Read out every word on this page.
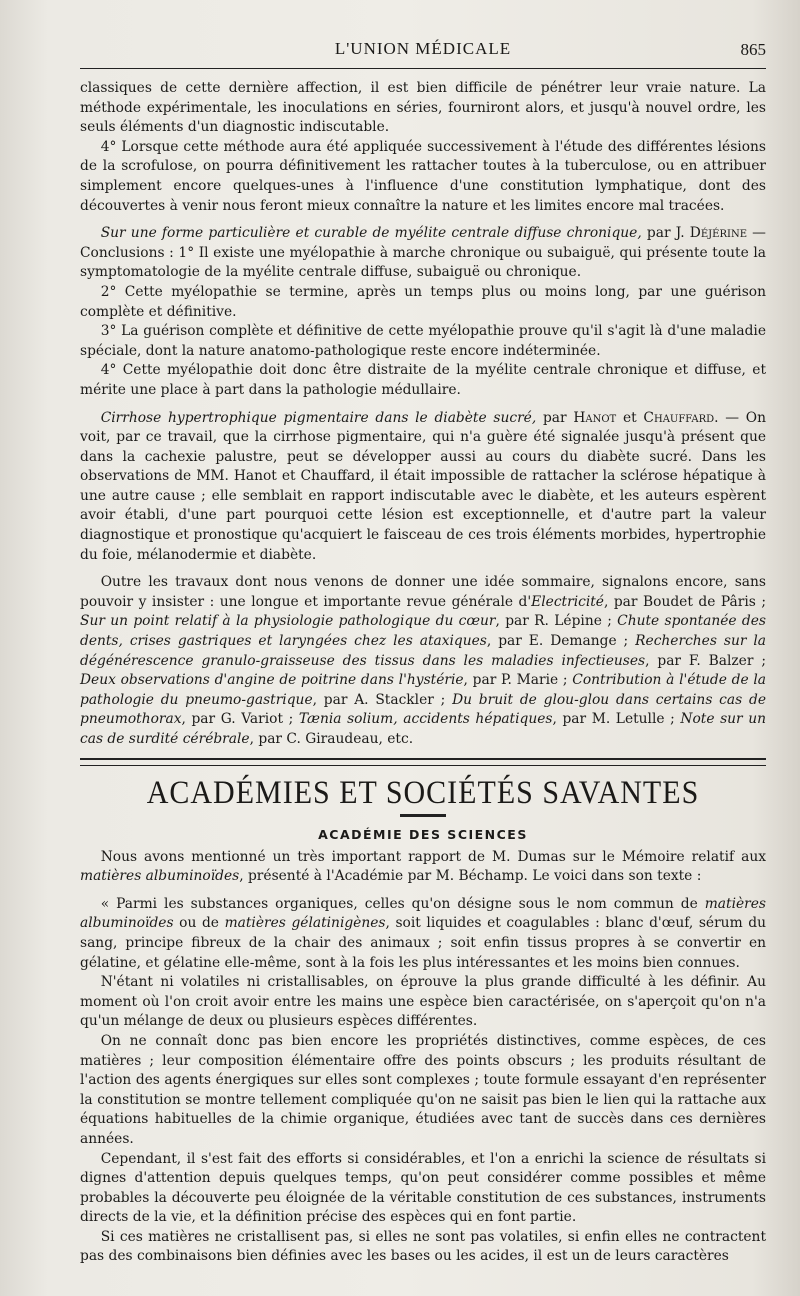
L'UNION MÉDICALE	865

classiques de cette dernière affection, il est bien difficile de pénétrer leur vraie nature. La méthode expérimentale, les inoculations en séries, fourniront alors, et jusqu'à nouvel ordre, les seuls éléments d'un diagnostic indiscutable.

4° Lorsque cette méthode aura été appliquée successivement à l'étude des différentes lésions de la scrofulose, on pourra définitivement les rattacher toutes à la tuberculose, ou en attribuer simplement encore quelques-unes à l'influence d'une constitution lymphatique, dont des découvertes à venir nous feront mieux connaître la nature et les limites encore mal tracées.

Sur une forme particulière et curable de myélite centrale diffuse chronique, par J. Déjérine — Conclusions : 1° Il existe une myélopathie à marche chronique ou subaiguë, qui présente toute la symptomatologie de la myélite centrale diffuse, subaiguë ou chronique.

2° Cette myélopathie se termine, après un temps plus ou moins long, par une guérison complète et définitive.

3° La guérison complète et définitive de cette myélopathie prouve qu'il s'agit là d'une maladie spéciale, dont la nature anatomo-pathologique reste encore indéterminée.

4° Cette myélopathie doit donc être distraite de la myélite centrale chronique et diffuse, et mérite une place à part dans la pathologie médullaire.

Cirrhose hypertrophique pigmentaire dans le diabète sucré, par Hanot et Chauffard. — On voit, par ce travail, que la cirrhose pigmentaire, qui n'a guère été signalée jusqu'à présent que dans la cachexie palustre, peut se développer aussi au cours du diabète sucré. Dans les observations de MM. Hanot et Chauffard, il était impossible de rattacher la sclérose hépatique à une autre cause ; elle semblait en rapport indiscutable avec le diabète, et les auteurs espèrent avoir établi, d'une part pourquoi cette lésion est exceptionnelle, et d'autre part la valeur diagnostique et pronostique qu'acquiert le faisceau de ces trois éléments morbides, hypertrophie du foie, mélanodermie et diabète.

Outre les travaux dont nous venons de donner une idée sommaire, signalons encore, sans pouvoir y insister : une longue et importante revue générale d'Electricité, par Boudet de Pâris ; Sur un point relatif à la physiologie pathologique du cœur, par R. Lépine ; Chute spontanée des dents, crises gastriques et laryngées chez les ataxiques, par E. Demange ; Recherches sur la dégénérescence granulo-graisseuse des tissus dans les maladies infectieuses, par F. Balzer ; Deux observations d'angine de poitrine dans l'hystérie, par P. Marie ; Contribution à l'étude de la pathologie du pneumo-gastrique, par A. Stackler ; Du bruit de glou-glou dans certains cas de pneumothorax, par G. Variot ; Tænia solium, accidents hépatiques, par M. Letulle ; Note sur un cas de surdité cérébrale, par C. Giraudeau, etc.

ACADÉMIES ET SOCIÉTÉS SAVANTES
ACADÉMIE DES SCIENCES

Nous avons mentionné un très important rapport de M. Dumas sur le Mémoire relatif aux matières albuminoïdes, présenté à l'Académie par M. Béchamp. Le voici dans son texte :

« Parmi les substances organiques, celles qu'on désigne sous le nom commun de matières albuminoïdes ou de matières gélatinigènes, soit liquides et coagulables : blanc d'œuf, sérum du sang, principe fibreux de la chair des animaux ; soit enfin tissus propres à se convertir en gélatine, et gélatine elle-même, sont à la fois les plus intéressantes et les moins bien connues.

N'étant ni volatiles ni cristallisables, on éprouve la plus grande difficulté à les définir. Au moment où l'on croit avoir entre les mains une espèce bien caractérisée, on s'aperçoit qu'on n'a qu'un mélange de deux ou plusieurs espèces différentes.

On ne connaît donc pas bien encore les propriétés distinctives, comme espèces, de ces matières ; leur composition élémentaire offre des points obscurs ; les produits résultant de l'action des agents énergiques sur elles sont complexes ; toute formule essayant d'en représenter la constitution se montre tellement compliquée qu'on ne saisit pas bien le lien qui la rattache aux équations habituelles de la chimie organique, étudiées avec tant de succès dans ces dernières années.

Cependant, il s'est fait des efforts si considérables, et l'on a enrichi la science de résultats si dignes d'attention depuis quelques temps, qu'on peut considérer comme possibles et même probables la découverte peu éloignée de la véritable constitution de ces substances, instruments directs de la vie, et la définition précise des espèces qui en font partie.

Si ces matières ne cristallisent pas, si elles ne sont pas volatiles, si enfin elles ne contractent pas des combinaisons bien définies avec les bases ou les acides, il est un de leurs caractères
